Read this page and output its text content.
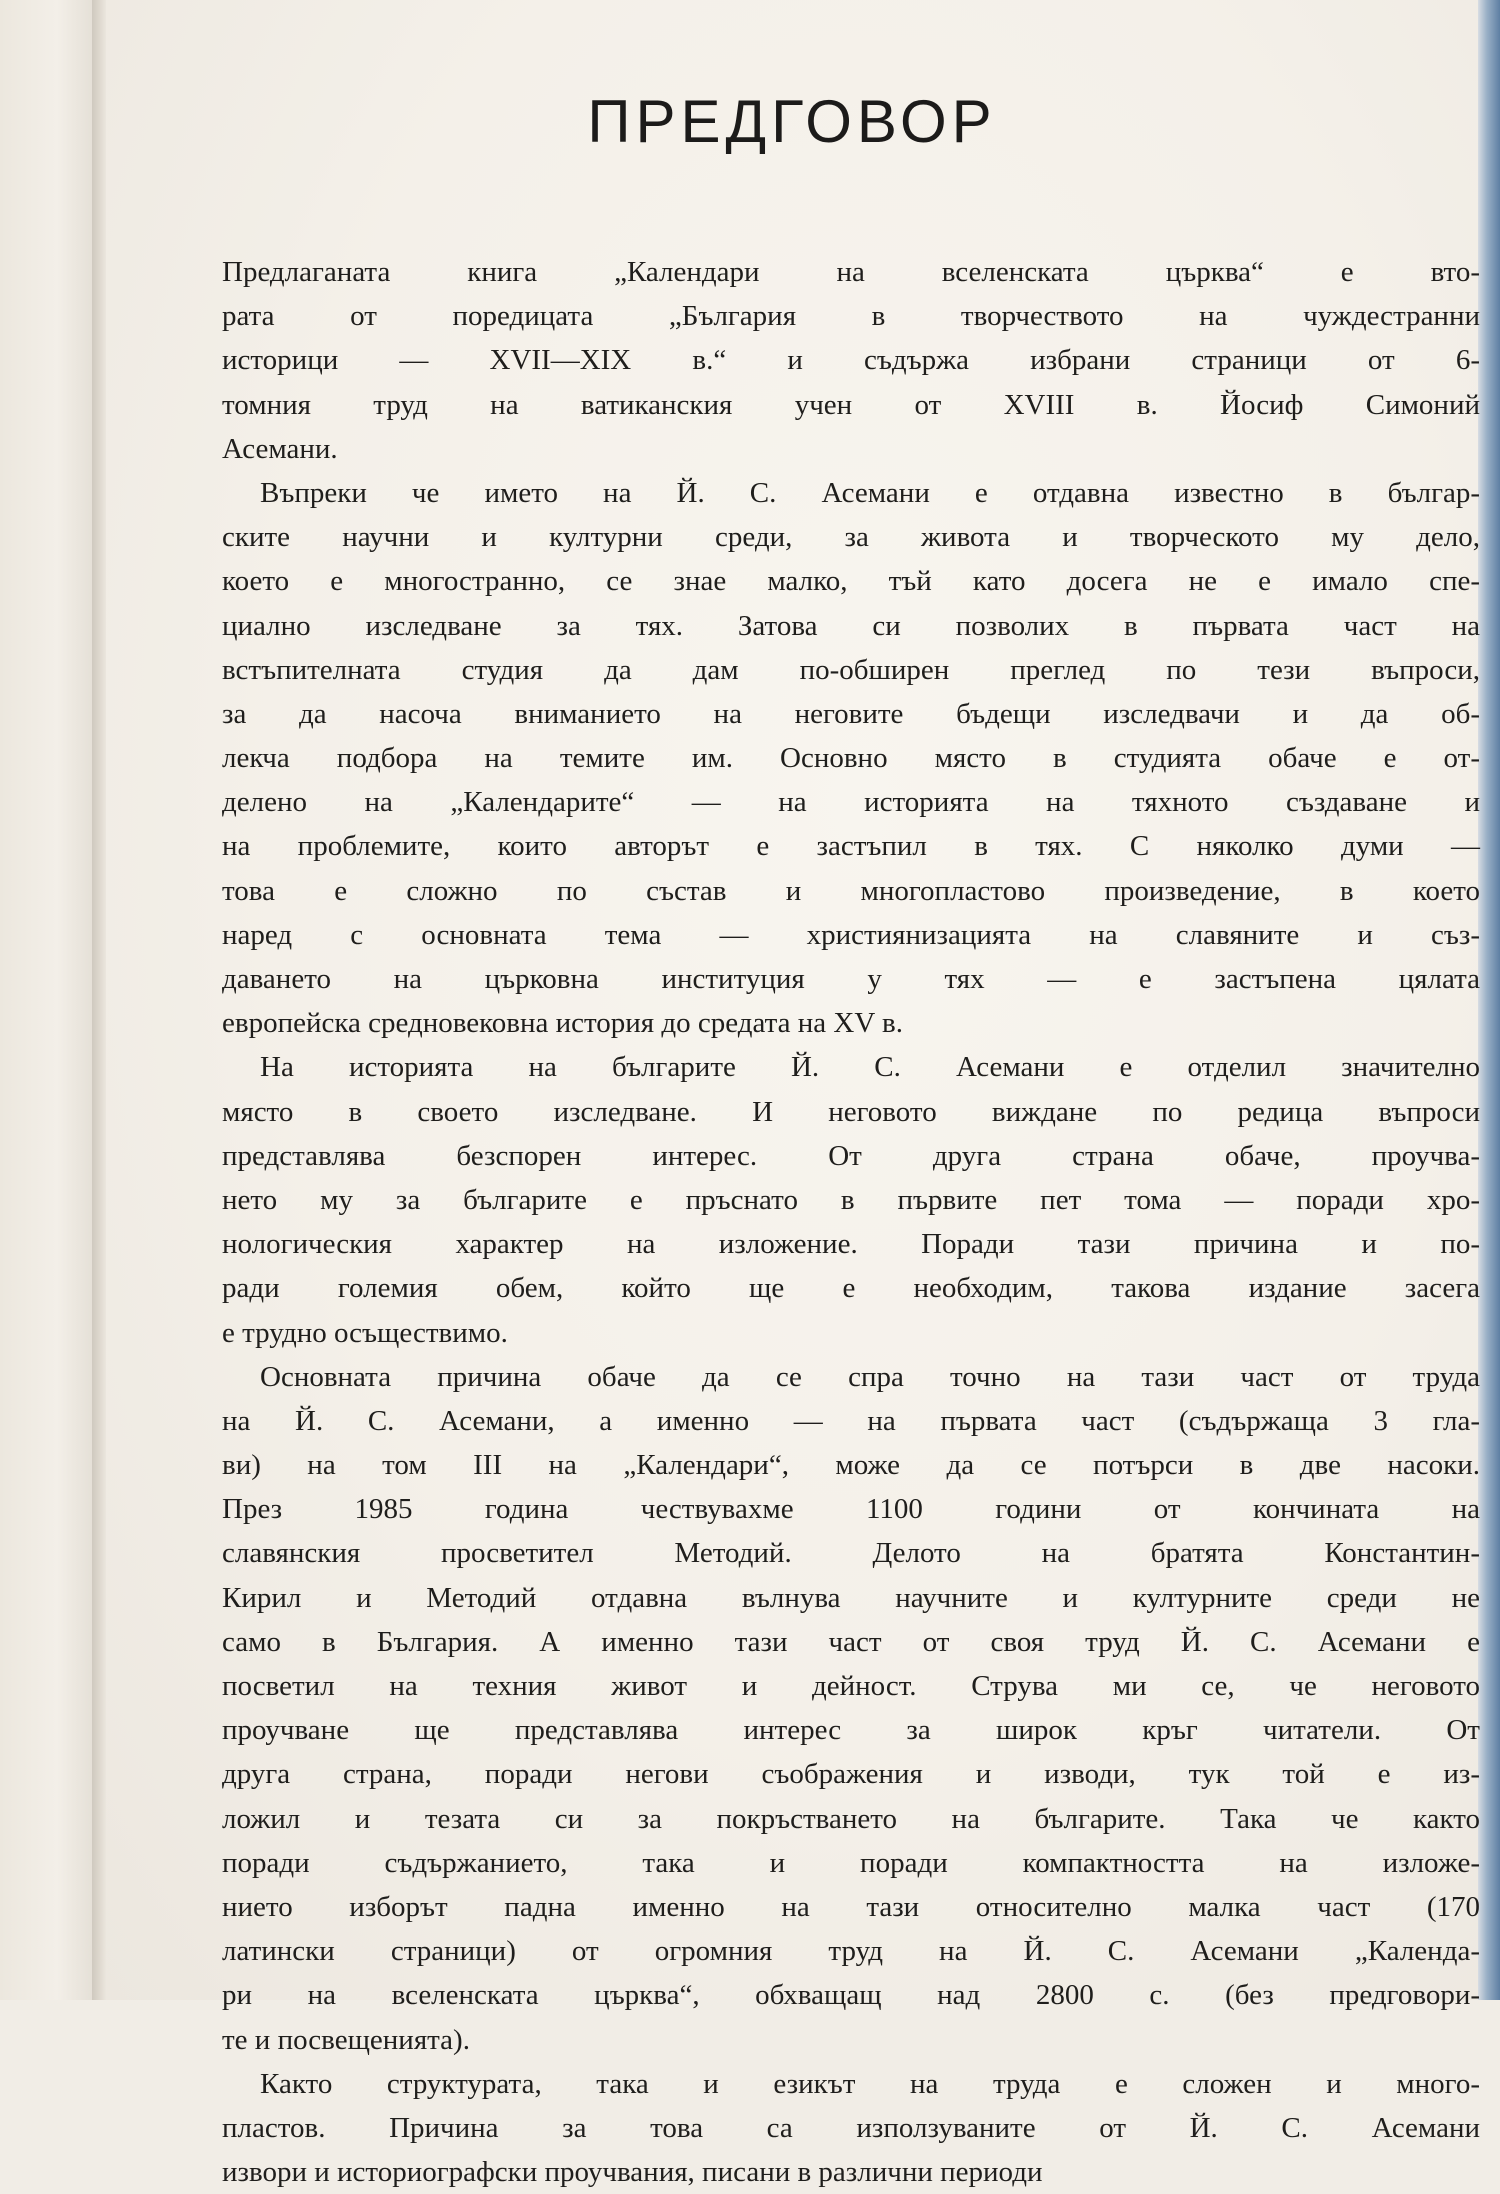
ПРЕДГОВОР
Предлаганата книга „Календари на вселенската църква“ е вто-
рата от поредицата „България в творчеството на чуждестранни
историци — XVII—XIX в.“ и съдържа избрани страници от 6-
томния труд на ватиканския учен от XVIII в. Йосиф Симоний
Асемани.
Въпреки че името на Й. С. Асемани е отдавна известно в българ-
ските научни и културни среди, за живота и творческото му дело,
което е многостранно, се знае малко, тъй като досега не е имало спе-
циално изследване за тях. Затова си позволих в първата част на
встъпителната студия да дам по-обширен преглед по тези въпроси,
за да насоча вниманието на неговите бъдещи изследвачи и да об-
лекча подбора на темите им. Основно място в студията обаче е от-
делено на „Календарите“ — на историята на тяхното създаване и
на проблемите, които авторът е застъпил в тях. С няколко думи —
това е сложно по състав и многопластово произведение, в което
наред с основната тема — християнизацията на славяните и съз-
даването на църковна институция у тях — е застъпена цялата
европейска средновековна история до средата на XV в.
На историята на българите Й. С. Асемани е отделил значително
място в своето изследване. И неговото виждане по редица въпроси
представлява безспорен интерес. От друга страна обаче, проучва-
нето му за българите е пръснато в първите пет тома — поради хро-
нологическия характер на изложение. Поради тази причина и по-
ради големия обем, който ще е необходим, такова издание засега
е трудно осъществимо.
Основната причина обаче да се спра точно на тази част от труда
на Й. С. Асемани, а именно — на първата част (съдържаща 3 гла-
ви) на том III на „Календари“, може да се потърси в две насоки.
През 1985 година чествувахме 1100 години от кончината на
славянския просветител Методий. Делото на братята Константин-
Кирил и Методий отдавна вълнува научните и културните среди не
само в България. А именно тази част от своя труд Й. С. Асемани е
посветил на техния живот и дейност. Струва ми се, че неговото
проучване ще представлява интерес за широк кръг читатели. От
друга страна, поради негови съображения и изводи, тук той е из-
ложил и тезата си за покръстването на българите. Така че както
поради съдържанието, така и поради компактността на изложе-
нието изборът падна именно на тази относително малка част (170
латински страници) от огромния труд на Й. С. Асемани „Календа-
ри на вселенската църква“, обхващащ над 2800 с. (без предговори-
те и посвещенията).
Както структурата, така и езикът на труда е сложен и много-
пластов. Причина за това са използуваните от Й. С. Асемани
извори и историографски проучвания, писани в различни периоди
